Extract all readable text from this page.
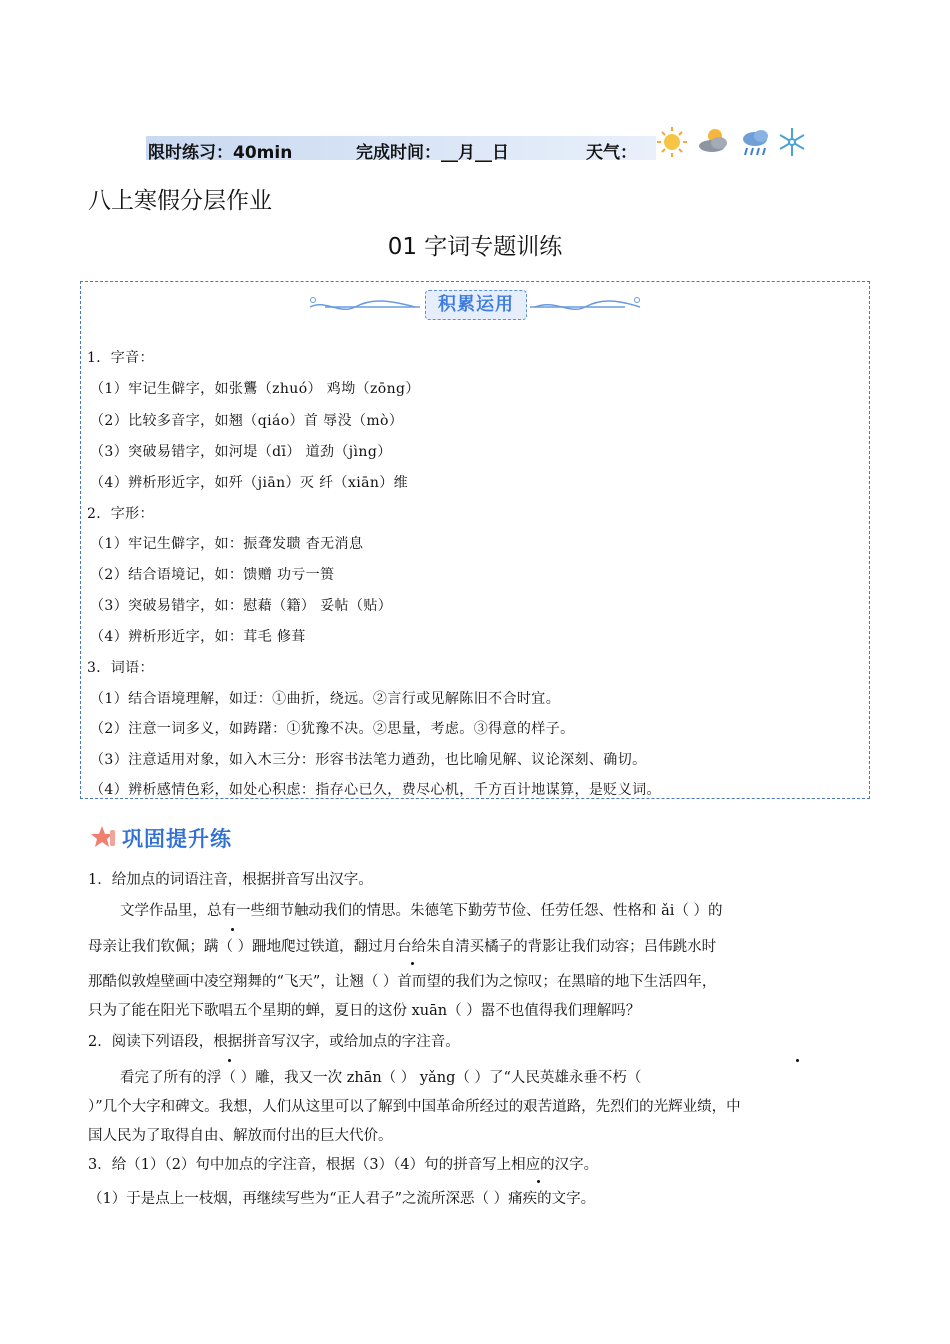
限时练习：40min	完成时间：__月__日	天气：
八上寒假分层作业
01 字词专题训练
积累运用
1．字音：
（1）牢记生僻字，如张鸗（zhuó） 鸡坳（zōng）
（2）比较多音字，如翘（qiáo）首 辱没（mò）
（3）突破易错字，如河堤（dī） 道劲（jìng）
（4）辨析形近字，如歼（jiān）灭 纤（xiān）维
2．字形：
（1）牢记生僻字，如：振聋发聩 杳无消息
（2）结合语境记，如：馈赠 功亏一篑
（3）突破易错字，如：慰藉（籍） 妥帖（贴）
（4）辨析形近字，如：茸毛 修葺
3．词语：
（1）结合语境理解，如迂：①曲折，绕远。②言行或见解陈旧不合时宜。
（2）注意一词多义，如踌躇：①犹豫不决。②思量，考虑。③得意的样子。
（3）注意适用对象，如入木三分：形容书法笔力遒劲，也比喻见解、议论深刻、确切。
（4）辨析感情色彩，如处心积虑：指存心已久，费尽心机，千方百计地谋算，是贬义词。
巩固提升练
1．给加点的词语注音，根据拼音写出汉字。
文学作品里，总有一些细节触动我们的情思。朱德笔下勤劳节俭、任劳任怨、性格和 ǎi（ ）的
母亲让我们钦佩；蹒（ ）跚地爬过铁道，翻过月台给朱自清买橘子的背影让我们动容；吕伟跳水时
那酷似敦煌壁画中凌空翔舞的“飞天”，让翘（ ）首而望的我们为之惊叹；在黑暗的地下生活四年，
只为了能在阳光下歌唱五个星期的蝉，夏日的这份 xuān（ ）嚣不也值得我们理解吗？
2．阅读下列语段，根据拼音写汉字，或给加点的字注音。
看完了所有的浮（ ）雕，我又一次 zhān（ ） yǎng（ ）了“人民英雄永垂不朽（
）”几个大字和碑文。我想，人们从这里可以了解到中国革命所经过的艰苦道路，先烈们的光辉业绩，中
国人民为了取得自由、解放而付出的巨大代价。
3．给（1）（2）句中加点的字注音，根据（3）（4）句的拼音写上相应的汉字。
（1）于是点上一枝烟，再继续写些为“正人君子”之流所深恶（ ）痛疾的文字。
